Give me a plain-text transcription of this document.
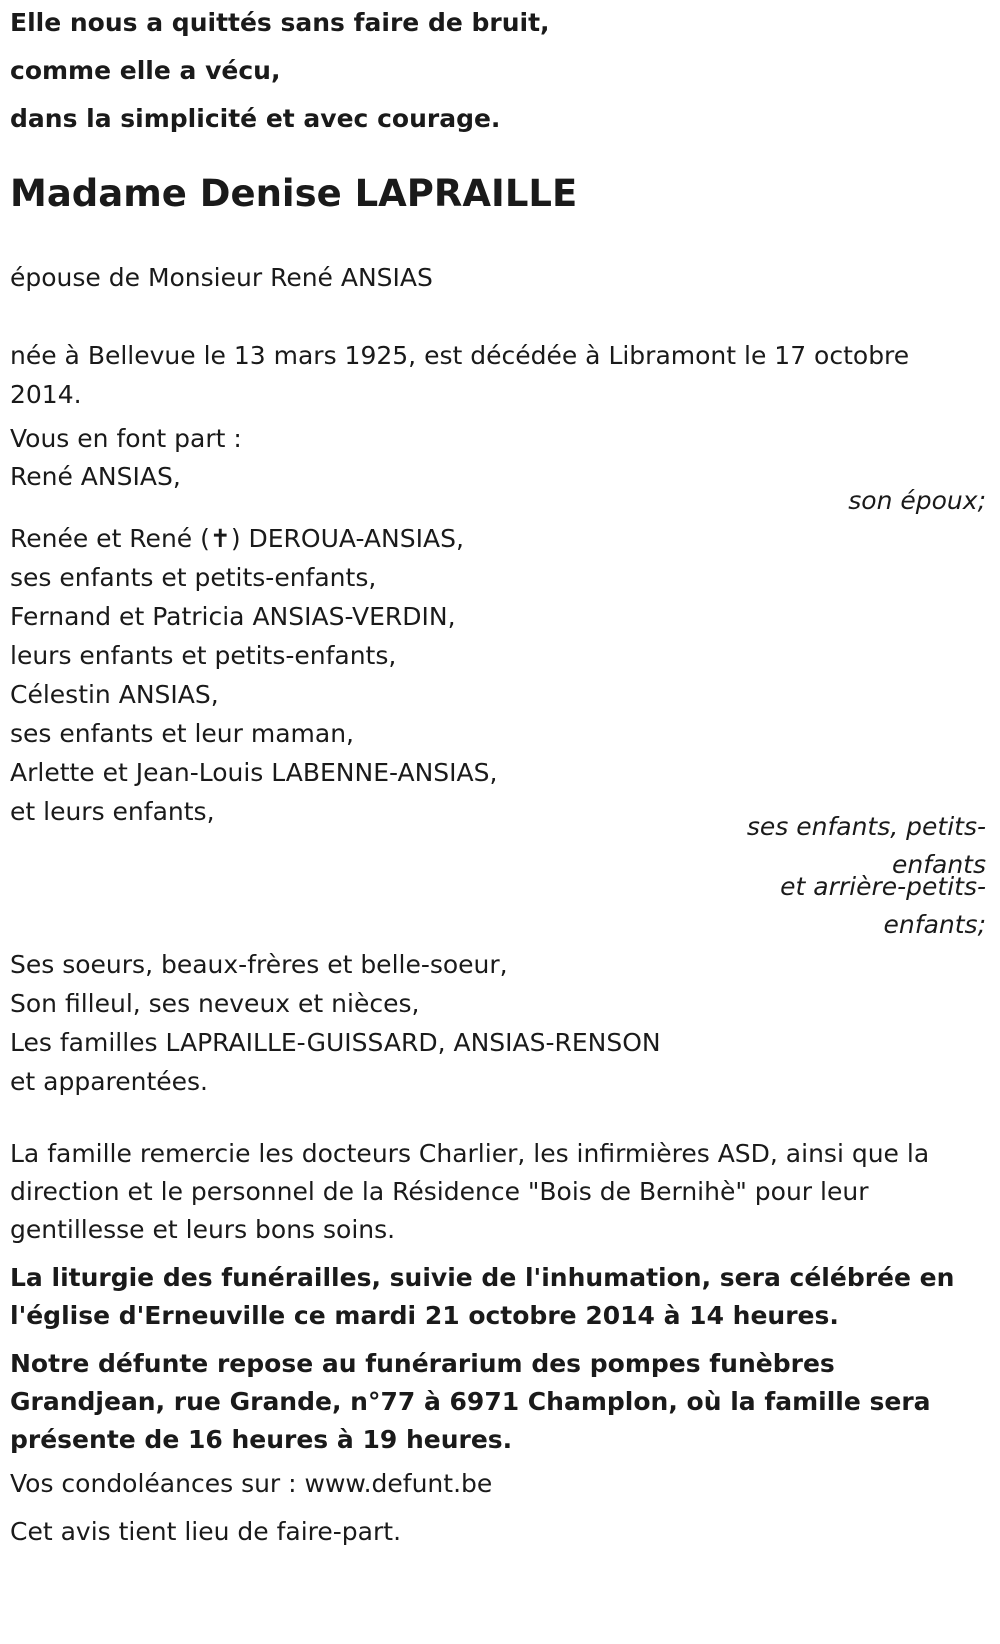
Elle nous a quittés sans faire de bruit,

comme elle a vécu,

dans la simplicité et avec courage.

Madame Denise LAPRAILLE

épouse de Monsieur René ANSIAS

née à Bellevue le 13 mars 1925, est décédée à Libramont le 17 octobre
2014.

Vous en font part :

René ANSIAS,

son époux;

Renée et René (✝) DEROUA-ANSIAS,
ses enfants et petits-enfants,
Fernand et Patricia ANSIAS-VERDIN,
leurs enfants et petits-enfants,
Célestin ANSIAS,
ses enfants et leur maman,
Arlette et Jean-Louis LABENNE-ANSIAS,
et leurs enfants,

ses enfants, petits-

enfants

et arrière-petits-

enfants;

Ses soeurs, beaux-frères et belle-soeur,
Son filleul, ses neveux et nièces,
Les familles LAPRAILLE-GUISSARD, ANSIAS-RENSON
et apparentées.

La famille remercie les docteurs Charlier, les infirmières ASD, ainsi que la direction et le personnel de la Résidence "Bois de Bernihè" pour leur gentillesse et leurs bons soins.

La liturgie des funérailles, suivie de l'inhumation, sera célébrée en l'église d'Erneuville ce mardi 21 octobre 2014 à 14 heures.

Notre défunte repose au funérarium des pompes funèbres Grandjean, rue Grande, n°77 à 6971 Champlon, où la famille sera présente de 16 heures à 19 heures.

Vos condoléances sur : www.defunt.be

Cet avis tient lieu de faire-part.
